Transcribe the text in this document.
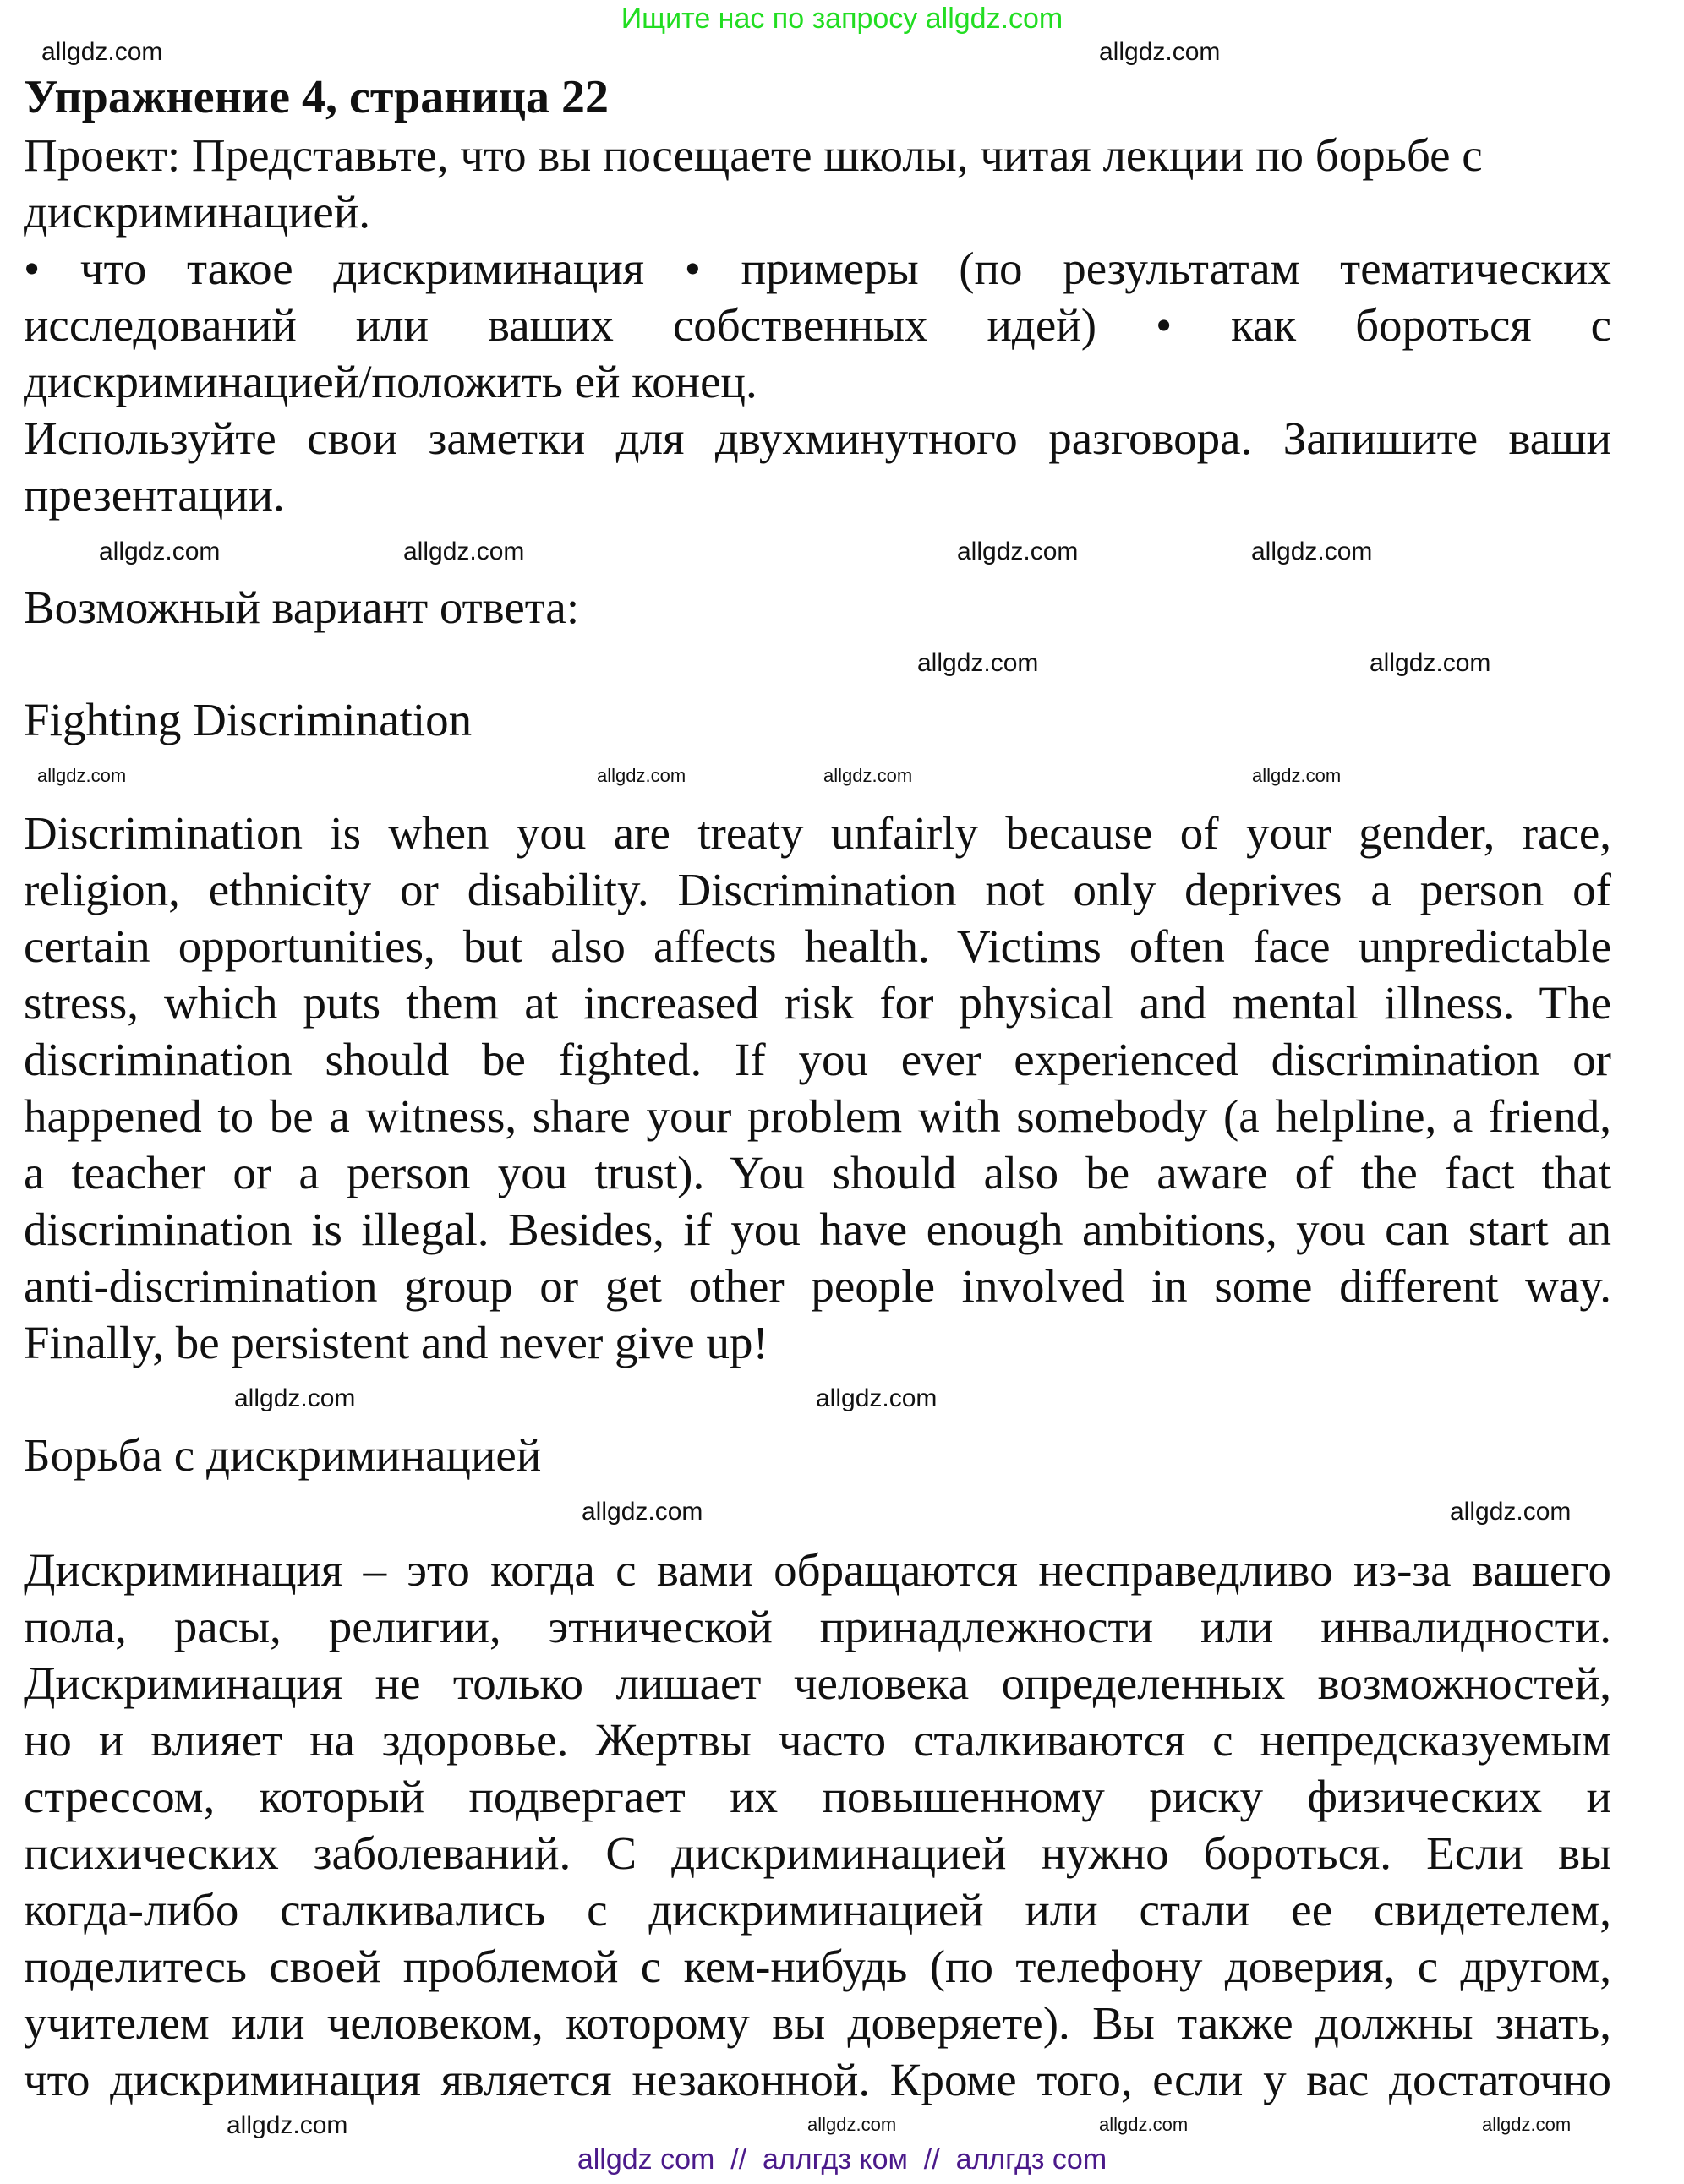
Ищите нас по запросу allgdz.com
Упражнение 4, страница 22
Проект: Представьте, что вы посещаете школы, читая лекции по борьбе с
дискриминацией.
• что такое дискриминация • примеры (по результатам тематических
исследований или ваших собственных идей) • как бороться с
дискриминацией/положить ей конец.
Используйте свои заметки для двухминутного разговора. Запишите ваши
презентации.
Возможный вариант ответа:
Fighting Discrimination
Discrimination is when you are treaty unfairly because of your gender, race,
religion, ethnicity or disability. Discrimination not only deprives a person of
certain opportunities, but also affects health. Victims often face unpredictable
stress, which puts them at increased risk for physical and mental illness. The
discrimination should be fighted. If you ever experienced discrimination or
happened to be a witness, share your problem with somebody (a helpline, a friend,
a teacher or a person you trust). You should also be aware of the fact that
discrimination is illegal. Besides, if you have enough ambitions, you can start an
anti-discrimination group or get other people involved in some different way.
Finally, be persistent and never give up!
Борьба с дискриминацией
Дискриминация – это когда с вами обращаются несправедливо из-за вашего
пола, расы, религии, этнической принадлежности или инвалидности.
Дискриминация не только лишает человека определенных возможностей,
но и влияет на здоровье. Жертвы часто сталкиваются с непредсказуемым
стрессом, который подвергает их повышенному риску физических и
психических заболеваний. С дискриминацией нужно бороться. Если вы
когда-либо сталкивались с дискриминацией или стали ее свидетелем,
поделитесь своей проблемой с кем-нибудь (по телефону доверия, с другом,
учителем или человеком, которому вы доверяете). Вы также должны знать,
что дискриминация является незаконной. Кроме того, если у вас достаточно
allgdz.com	allgdz.com
allgdz.com	allgdz.com	allgdz.com	allgdz.com
allgdz.com	allgdz.com
allgdz.com	allgdz.com	allgdz.com	allgdz.com
allgdz.com	allgdz.com
allgdz.com	allgdz.com
allgdz.com	allgdz.com	allgdz.com	allgdz.com
allgdz com  //  аллгдз ком  //  аллгдз com
